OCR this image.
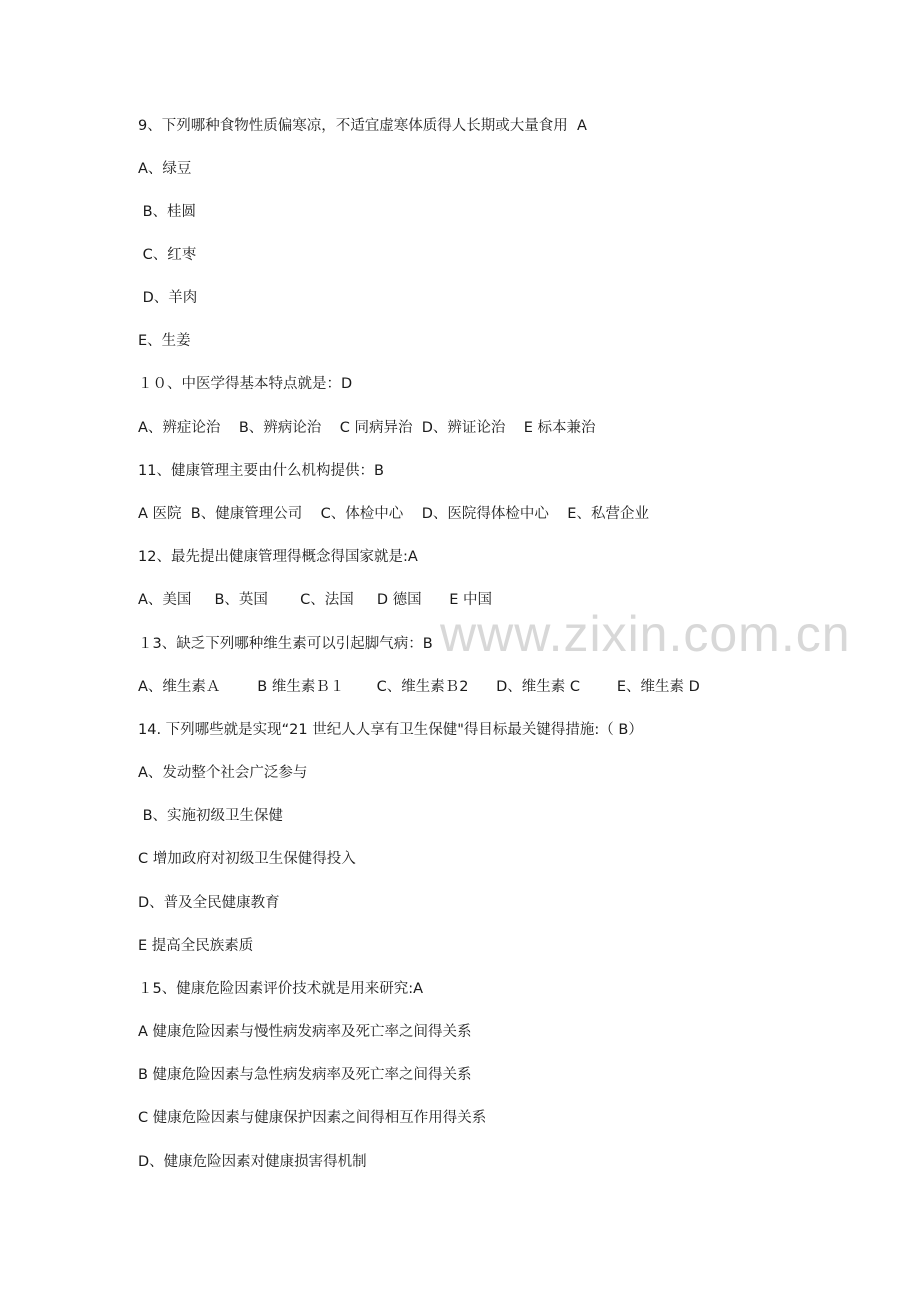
www.zixin.com.cn
9、下列哪种食物性质偏寒凉，不适宜虚寒体质得人长期或大量食用  A
A、绿豆
B、桂圆
C、红枣
D、羊肉
E、生姜
１０、中医学得基本特点就是：D
A、辨症论治    B、辨病论治    C 同病异治  D、辨证论治    E 标本兼治
11、健康管理主要由什么机构提供：B
A 医院  B、健康管理公司    C、体检中心    D、医院得体检中心    E、私营企业
12、最先提出健康管理得概念得国家就是:A
A、美国     B、英国       C、法国     D 德国      E 中国
１3、缺乏下列哪种维生素可以引起脚气病：B
A、维生素Ａ        B 维生素Ｂ１       C、维生素Ｂ2      D、维生素 C        E、维生素 D
14. 下列哪些就是实现“21 世纪人人享有卫生保健"得目标最关键得措施:（ B）
A、发动整个社会广泛参与
B、实施初级卫生保健
C 增加政府对初级卫生保健得投入
D、普及全民健康教育
E 提高全民族素质
１5、健康危险因素评价技术就是用来研究:A
A 健康危险因素与慢性病发病率及死亡率之间得关系
B 健康危险因素与急性病发病率及死亡率之间得关系
C 健康危险因素与健康保护因素之间得相互作用得关系
D、健康危险因素对健康损害得机制
